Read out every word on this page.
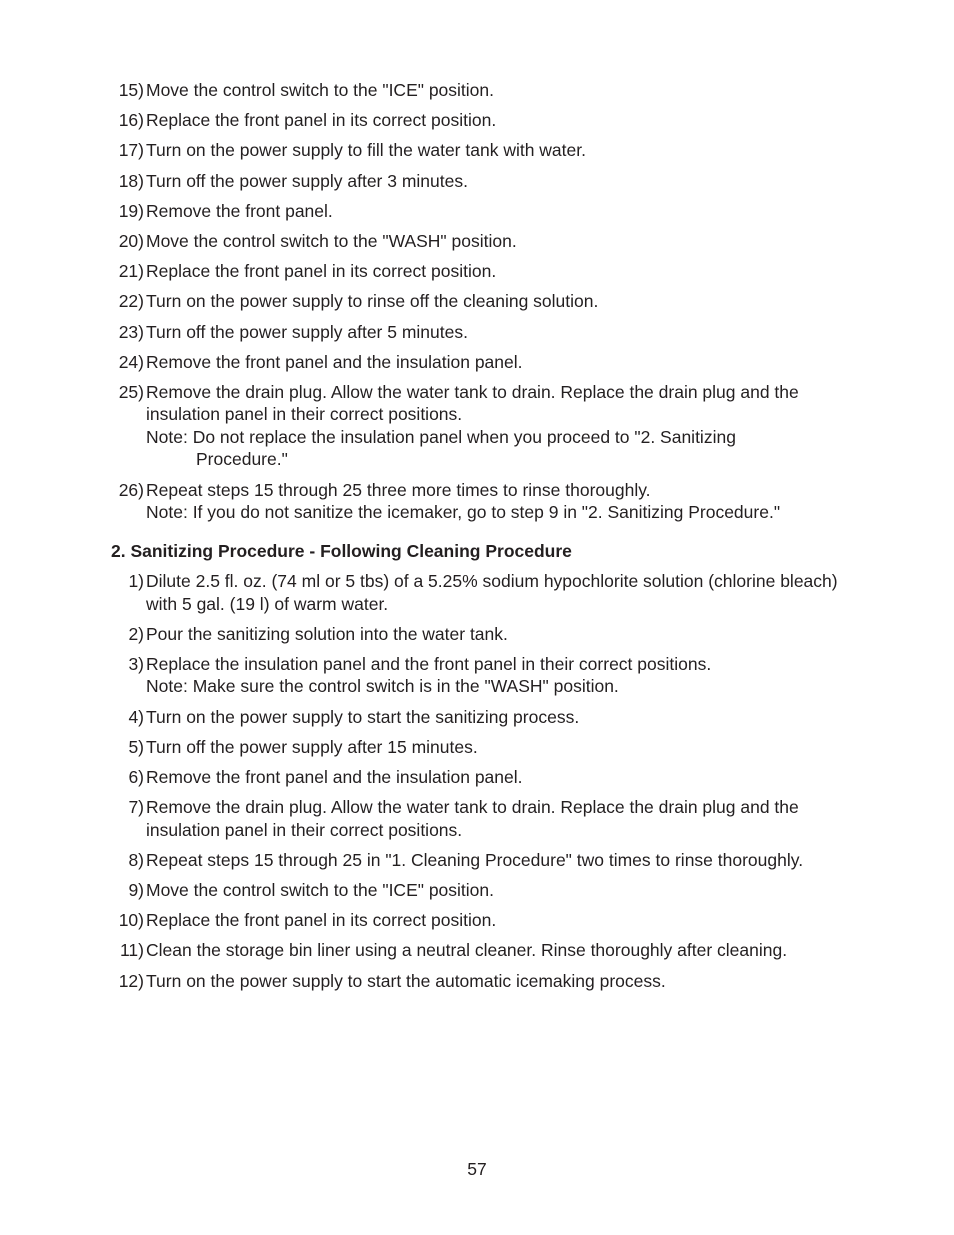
15) Move the control switch to the "ICE" position.
16) Replace the front panel in its correct position.
17) Turn on the power supply to fill the water tank with water.
18) Turn off the power supply after 3 minutes.
19) Remove the front panel.
20) Move the control switch to the "WASH" position.
21) Replace the front panel in its correct position.
22) Turn on the power supply to rinse off the cleaning solution.
23) Turn off the power supply after 5 minutes.
24) Remove the front panel and the insulation panel.
25) Remove the drain plug. Allow the water tank to drain. Replace the drain plug and the insulation panel in their correct positions.
Note: Do not replace the insulation panel when you proceed to "2. Sanitizing
Procedure."
26) Repeat steps 15 through 25 three more times to rinse thoroughly.
Note: If you do not sanitize the icemaker, go to step 9 in "2. Sanitizing Procedure."
2. Sanitizing Procedure - Following Cleaning Procedure
1) Dilute 2.5 fl. oz. (74 ml or 5 tbs) of a 5.25% sodium hypochlorite solution (chlorine bleach) with 5 gal. (19 l) of warm water.
2) Pour the sanitizing solution into the water tank.
3) Replace the insulation panel and the front panel in their correct positions.
Note: Make sure the control switch is in the "WASH" position.
4) Turn on the power supply to start the sanitizing process.
5) Turn off the power supply after 15 minutes.
6) Remove the front panel and the insulation panel.
7) Remove the drain plug. Allow the water tank to drain. Replace the drain plug and the insulation panel in their correct positions.
8) Repeat steps 15 through 25 in "1. Cleaning Procedure" two times to rinse thoroughly.
9) Move the control switch to the "ICE" position.
10) Replace the front panel in its correct position.
11) Clean the storage bin liner using a neutral cleaner. Rinse thoroughly after cleaning.
12) Turn on the power supply to start the automatic icemaking process.
57
